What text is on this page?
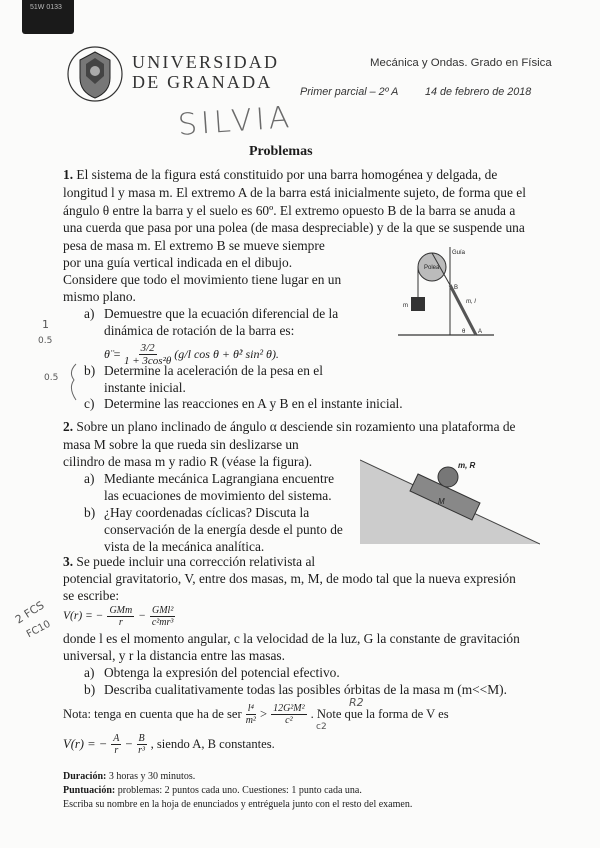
51W 0133
UNIVERSIDAD
DE GRANADA
Mecánica y Ondas. Grado en Física
Primer parcial – 2º A 14 de febrero de 2018
SILVIA
Problemas
1. El sistema de la figura está constituido por una barra homogénea y delgada, de
longitud l y masa m. El extremo A de la barra está inicialmente sujeto, de forma que el
ángulo θ entre la barra y el suelo es 60º. El extremo opuesto B de la barra se anuda a
una cuerda que pasa por una polea (de masa despreciable) y de la que se suspende una
pesa de masa m. El extremo B se mueve siempre
por una guía vertical indicada en el dibujo.
Considere que todo el movimiento tiene lugar en un
mismo plano.
a) Demuestre que la ecuación diferencial de la
dinámica de rotación de la barra es:
θ̈ = $\frac{3/2}{\text{1 + 3cos²θ}} (g/l$ cos θ + θ̇² sin² θ).
b) Determine la aceleración de la pesa en el
instante inicial.
c) Determine las reacciones en A y B en el instante inicial.
Polea
Guía
m
B
m, l
A
θ
1
0.5
0.5
2. Sobre un plano inclinado de ángulo α desciende sin rozamiento una plataforma de
masa M sobre la que rueda sin deslizarse un
cilindro de masa m y radio R (véase la figura).
a) Mediante mecánica Lagrangiana encuentre
las ecuaciones de movimiento del sistema.
b) ¿Hay coordenadas cíclicas? Discuta la
conservación de la energía desde el punto de
vista de la mecánica analítica.
M
m, R
3. Se puede incluir una corrección relativista al
potencial gravitatorio, V, entre dos masas, m, M, de modo tal que la nueva expresión
se escribe:
V(r) = − GMm
r − GMl²
c²mr³
donde l es el momento angular, c la velocidad de la luz, G la constante de gravitación
universal, y r la distancia entre las masas.
a) Obtenga la expresión del potencial efectivo.
b) Describa cualitativamente todas las posibles órbitas de la masa m (m<<M).
Nota: tenga en cuenta que ha de ser $\frac{\text{l⁴}}{\text{m²}} > \frac{\text{12G²M²}}{\text{c²}}$ . Note que la forma de V es
R2
c2
V(r) = − $\frac{A}{r} - \frac{B}{\text{r³}}$ , siendo A, B constantes.
2 FCS
FC10
Duración: 3 horas y 30 minutos.
Puntuación: problemas: 2 puntos cada uno. Cuestiones: 1 punto cada una.
Escriba su nombre en la hoja de enunciados y entréguela junto con el resto del examen.
